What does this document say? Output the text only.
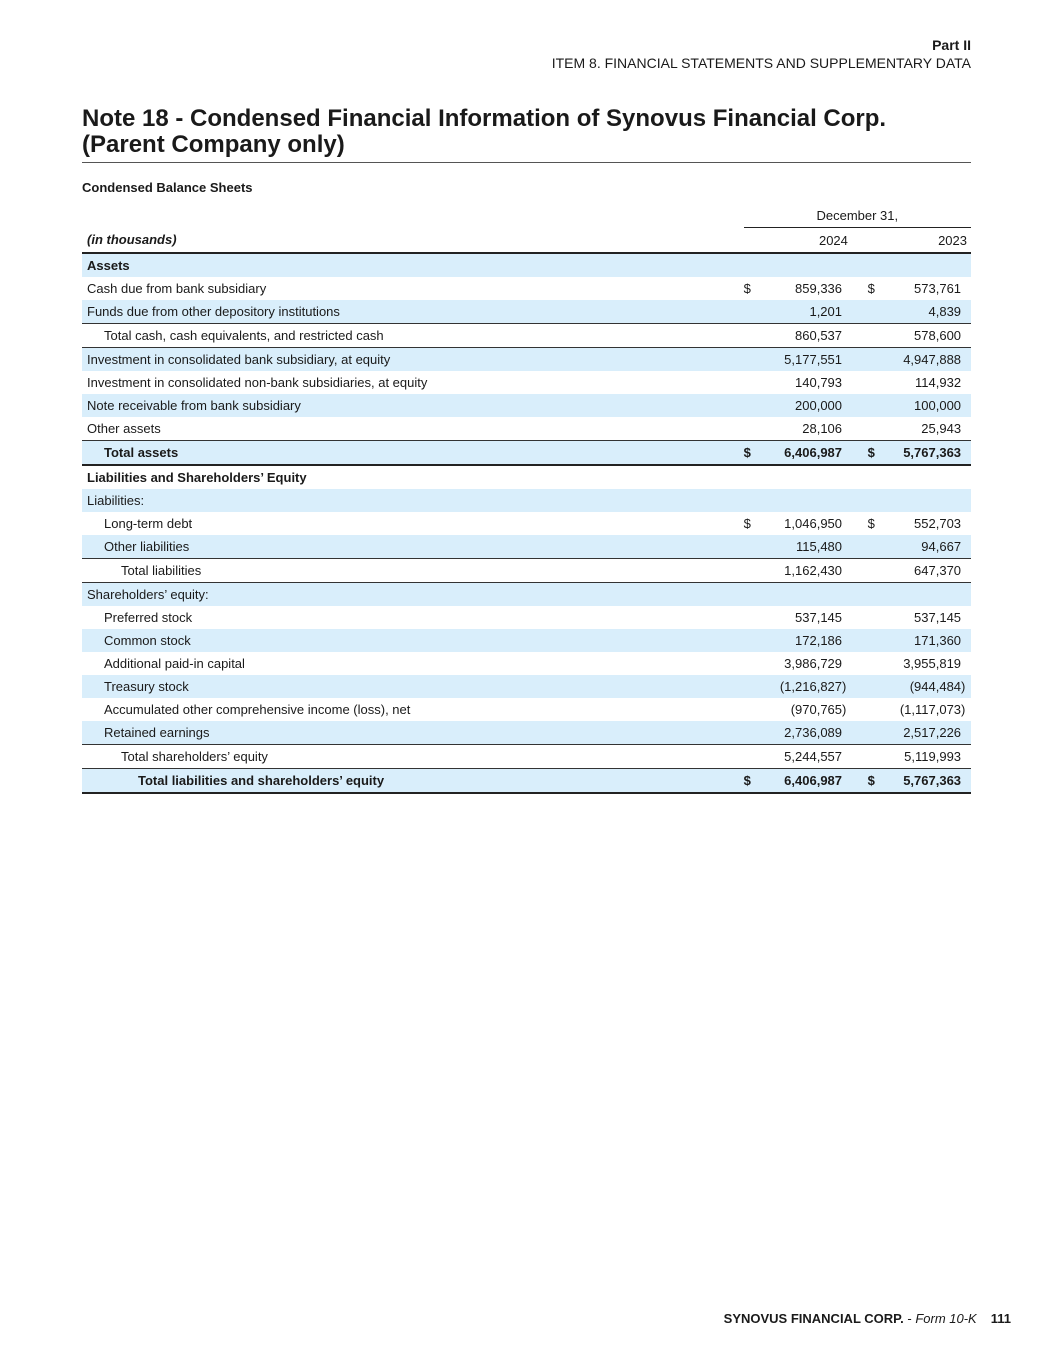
Part II
ITEM 8. FINANCIAL STATEMENTS AND SUPPLEMENTARY DATA
Note 18 - Condensed Financial Information of Synovus Financial Corp. (Parent Company only)
Condensed Balance Sheets
	December 31,						
(in thousands)	2024				2023		
Assets							
Cash due from bank subsidiary	$	859,336			$	573,761	
Funds due from other depository institutions		1,201				4,839	
Total cash, cash equivalents, and restricted cash		860,537				578,600	
Investment in consolidated bank subsidiary, at equity		5,177,551				4,947,888	
Investment in consolidated non-bank subsidiaries, at equity		140,793				114,932	
Note receivable from bank subsidiary		200,000				100,000	
Other assets		28,106				25,943	
Total assets	$	6,406,987			$	5,767,363	
Liabilities and Shareholders’ Equity							
Liabilities:							
Long-term debt	$	1,046,950			$	552,703	
Other liabilities		115,480				94,667	
Total liabilities		1,162,430				647,370	
Shareholders’ equity:							
Preferred stock		537,145				537,145	
Common stock		172,186				171,360	
Additional paid-in capital		3,986,729				3,955,819	
Treasury stock		(1,216,827	)			(944,484	)
Accumulated other comprehensive income (loss), net		(970,765	)			(1,117,073	)
Retained earnings		2,736,089				2,517,226	
Total shareholders’ equity		5,244,557				5,119,993	
Total liabilities and shareholders’ equity	$	6,406,987			$	5,767,363	
SYNOVUS FINANCIAL CORP. - Form 10-K 111
